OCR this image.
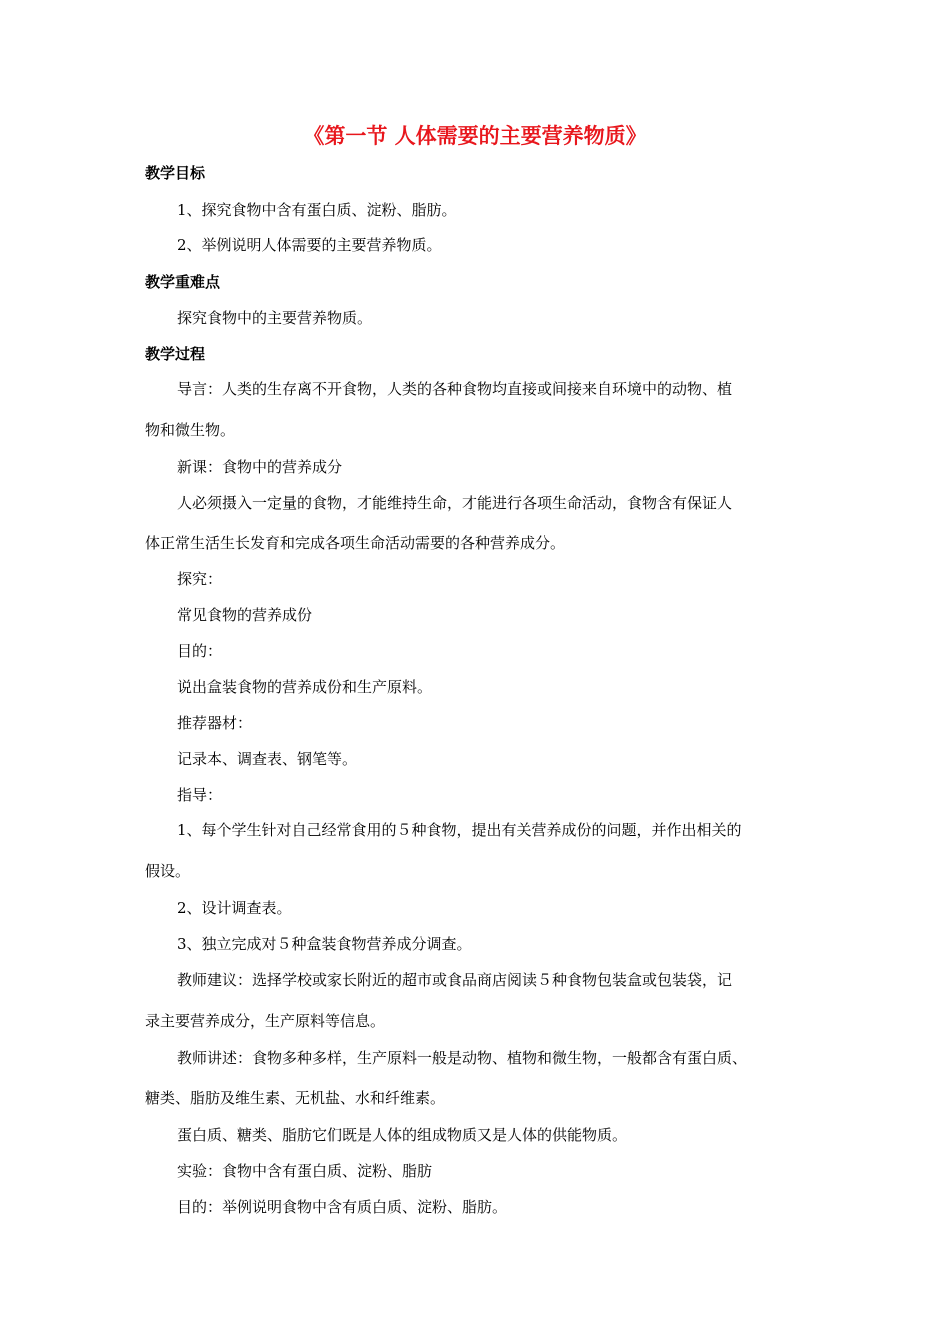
《第一节 人体需要的主要营养物质》
教学目标
1、探究食物中含有蛋白质、淀粉、脂肪。
2、举例说明人体需要的主要营养物质。
教学重难点
探究食物中的主要营养物质。
教学过程
导言：人类的生存离不开食物，人类的各种食物均直接或间接来自环境中的动物、植
物和微生物。
新课：食物中的营养成分
人必须摄入一定量的食物，才能维持生命，才能进行各项生命活动，食物含有保证人
体正常生活生长发育和完成各项生命活动需要的各种营养成分。
探究：
常见食物的营养成份
目的：
说出盒装食物的营养成份和生产原料。
推荐器材：
记录本、调查表、钢笔等。
指导：
1、每个学生针对自己经常食用的５种食物，提出有关营养成份的问题，并作出相关的
假设。
2、设计调查表。
3、独立完成对５种盒装食物营养成分调查。
教师建议：选择学校或家长附近的超市或食品商店阅读５种食物包装盒或包装袋，记
录主要营养成分，生产原料等信息。
教师讲述：食物多种多样，生产原料一般是动物、植物和微生物，一般都含有蛋白质、
糖类、脂肪及维生素、无机盐、水和纤维素。
蛋白质、糖类、脂肪它们既是人体的组成物质又是人体的供能物质。
实验：食物中含有蛋白质、淀粉、脂肪
目的：举例说明食物中含有质白质、淀粉、脂肪。
